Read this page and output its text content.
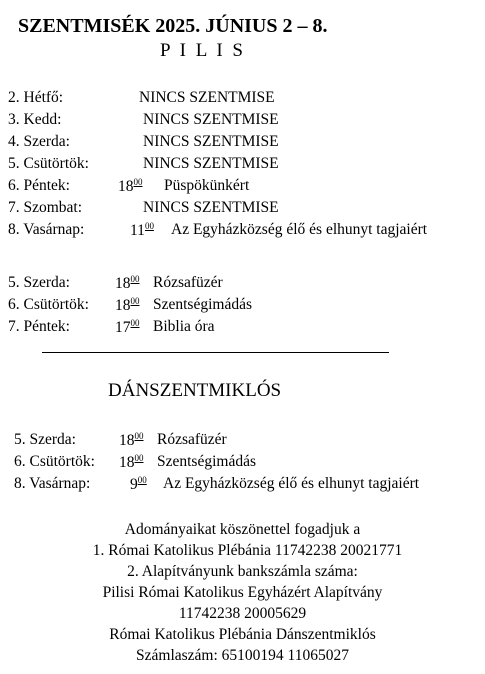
SZENTMISÉK 2025. JÚNIUS 2 – 8.
P I L I S
2. Hétfő:	NINCS SZENTMISE
3. Kedd:	NINCS SZENTMISE
4. Szerda:	NINCS SZENTMISE
5. Csütörtök:	NINCS SZENTMISE
6. Péntek:	$18^{00}$ Püspökünkért
7. Szombat:	NINCS SZENTMISE
8. Vasárnap:	$11^{00}$ Az Egyházközség élő és elhunyt tagjaiért
5. Szerda:	$18^{00}$ Rózsafüzér
6. Csütörtök: $18^{00}$ Szentségimádás
7. Péntek:	$17^{00}$ Biblia óra
DÁNSZENTMIKLÓS
5. Szerda:	$18^{00}$ Rózsafüzér
6. Csütörtök: $18^{00}$ Szentségimádás
8. Vasárnap:	$9^{00}$ Az Egyházközség élő és elhunyt tagjaiért
Adományaikat köszönettel fogadjuk a
1. Római Katolikus Plébánia 11742238 20021771
2. Alapítványunk bankszámla száma:
Pilisi Római Katolikus Egyházért Alapítvány
11742238 20005629
Római Katolikus Plébánia Dánszentmiklós
Számlaszám: 65100194 11065027
